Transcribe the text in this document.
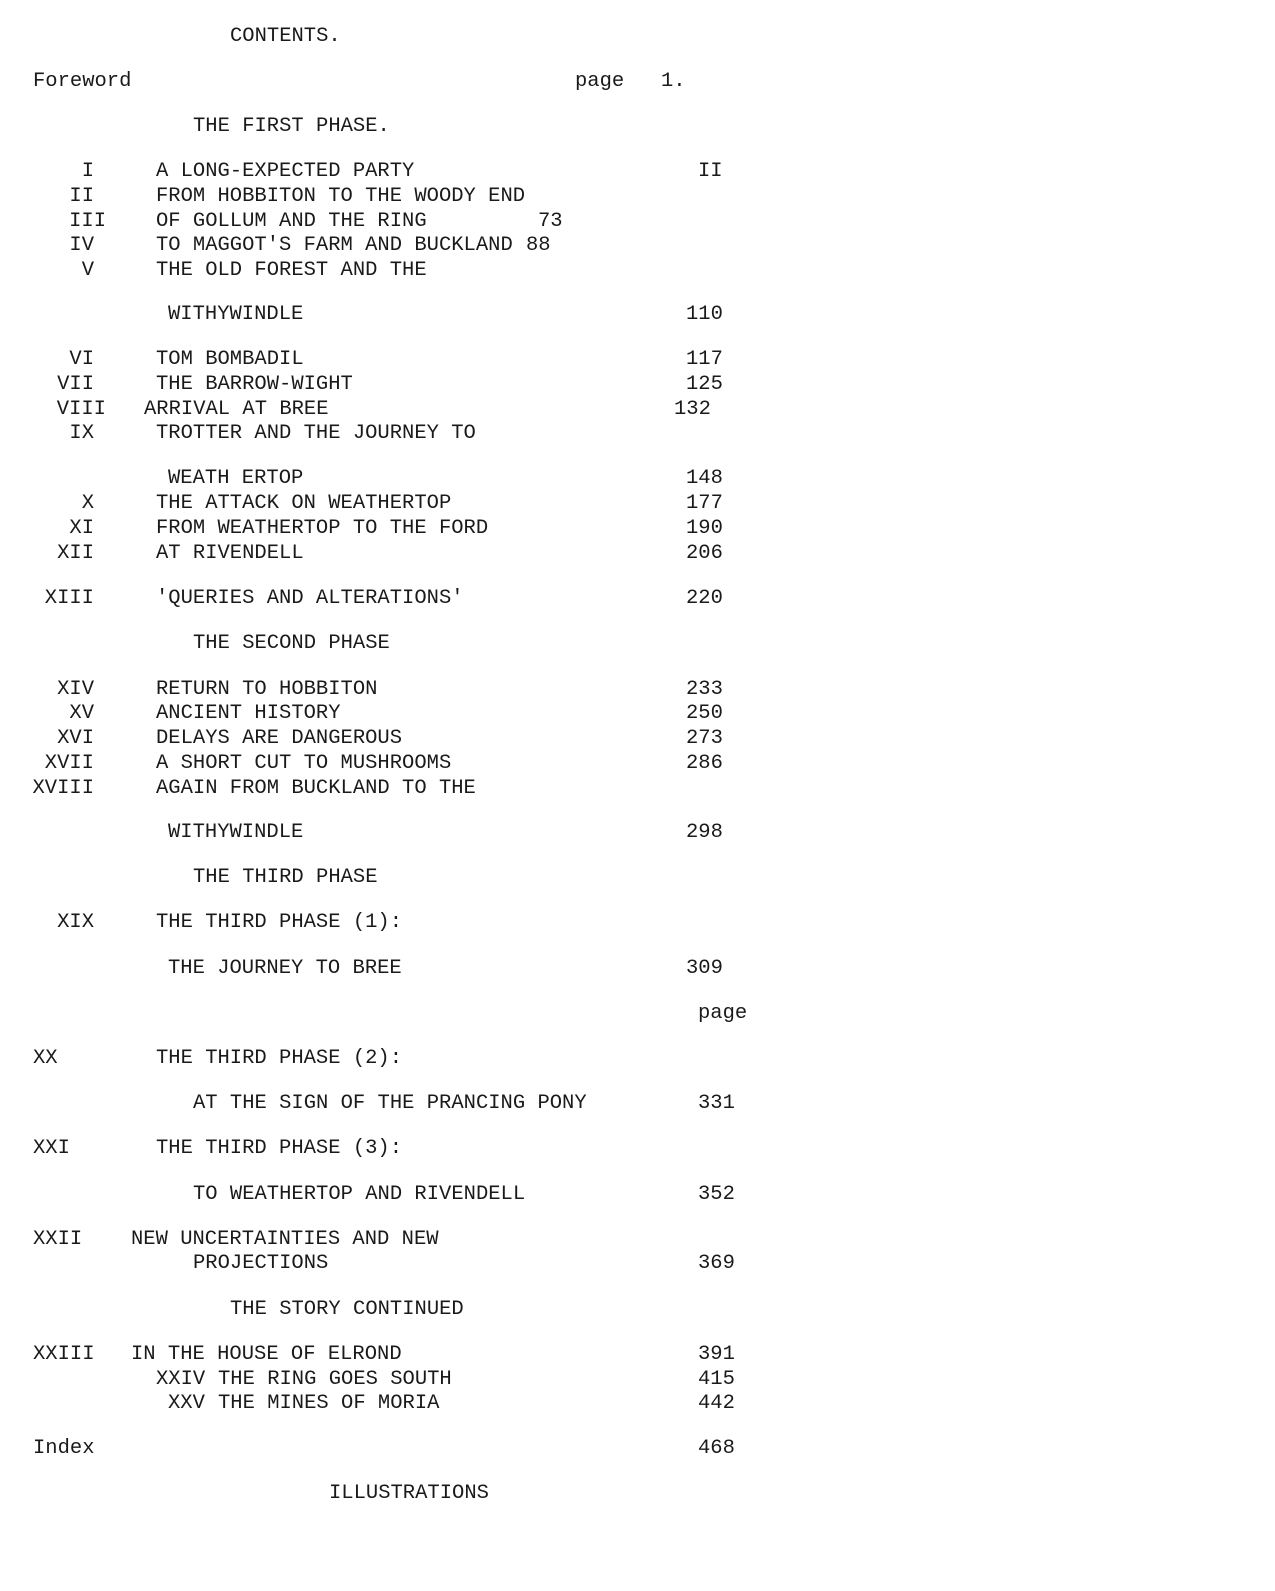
CONTENTS.
Foreword	page 1.
THE FIRST PHASE.
I	A LONG-EXPECTED PARTY	II
II	FROM HOBBITON TO THE WOODY END
III OF GOLLUM AND THE RING	73
IV	TO MAGGOT'S FARM AND BUCKLAND 88
V	THE OLD FOREST AND THE
WITHYWINDLE	110
VI	TOM BOMBADIL	117
VII	THE BARROW-WIGHT	125
VIII ARRIVAL AT BREE	132
IX	TROTTER AND THE JOURNEY TO
WEATH ERTOP	148
X	THE ATTACK ON WEATHERTOP	177
XI	FROM WEATHERTOP TO THE FORD	190
XII	AT RIVENDELL	206
XIII	'QUERIES AND ALTERATIONS'	220
THE SECOND PHASE
XIV	RETURN TO HOBBITON	233
XV	ANCIENT HISTORY	250
XVI	DELAYS ARE DANGEROUS	273
XVII	A SHORT CUT TO MUSHROOMS	286
XVIII	AGAIN FROM BUCKLAND TO THE
WITHYWINDLE	298
THE THIRD PHASE
XIX	THE THIRD PHASE (1):
THE JOURNEY TO BREE	309
page
XX	THE THIRD PHASE (2):
AT THE SIGN OF THE PRANCING PONY	331
XXI	THE THIRD PHASE (3):
TO WEATHERTOP AND RIVENDELL	352
XXII NEW UNCERTAINTIES AND NEW
PROJECTIONS	369
THE STORY CONTINUED
XXIII IN THE HOUSE OF ELROND	391
XXIV THE RING GOES SOUTH	415
XXV THE MINES OF MORIA	442
Index	468
ILLUSTRATIONS
